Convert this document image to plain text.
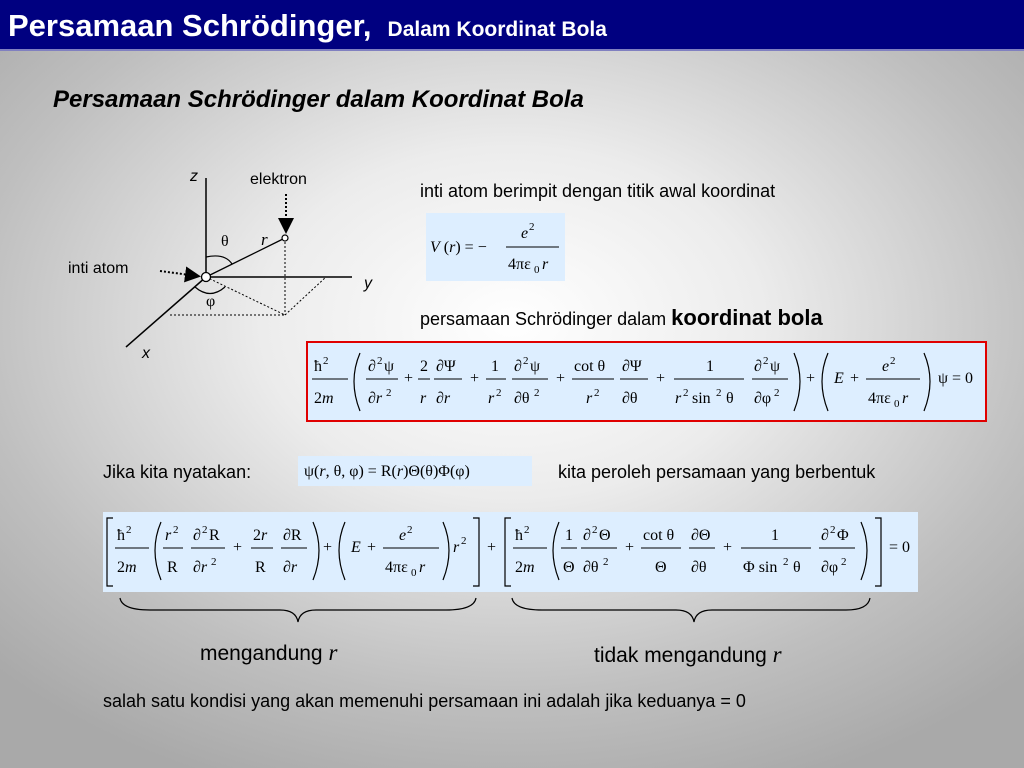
Persamaan Schrödinger, Dalam Koordinat Bola
Persamaan Schrödinger dalam Koordinat Bola
z
y
x
elektron
inti atom
r
θ
φ
inti atom berimpit dengan titik awal koordinat
V (r) = −
e 2
4πε 0 r
persamaan Schrödinger dalam koordinat bola
ħ 2
2m
∂ 2 ψ
∂r 2
+
2
r
∂Ψ
∂r
+
1
r 2
∂ 2 ψ
∂θ 2
+
cot θ
r 2
∂Ψ
∂θ
+
1
r 2 sin 2 θ
∂ 2 ψ
∂φ 2
+ E +
e 2
4πε 0 r
ψ = 0
Jika kita nyatakan:	ψ(r, θ, φ) = R(r)Θ(θ)Φ(φ)	kita peroleh persamaan yang berbentuk
ħ 2
2m
r 2
R
∂ 2 R
∂r 2
+
2r
R
∂R
∂r
+ E +
e 2
4πε 0 r
r 2 +
ħ 2
2m
1
Θ
∂ 2 Θ
∂θ 2
+
cot θ
Θ
∂Θ
∂θ
+
1
Φ sin 2 θ
∂ 2 Φ
∂φ 2
= 0
mengandung r	tidak mengandung r
salah satu kondisi yang akan memenuhi persamaan ini adalah jika keduanya = 0
